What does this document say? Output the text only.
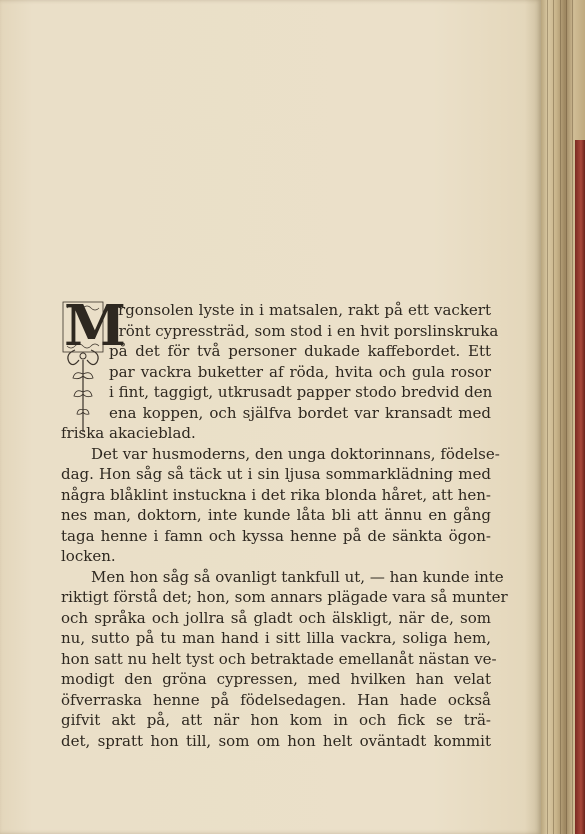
M
orgonsolen lyste in i matsalen, rakt på ett vackert
grönt cypressträd, som stod i en hvit porslinskruka
på det för två personer dukade kaffebordet. Ett
par vackra buketter af röda, hvita och gula rosor
i fint, taggigt, utkrusadt papper stodo bredvid den
ena koppen, och själfva bordet var kransadt med
friska akacieblad.
Det var husmoderns, den unga doktorinnans, födelse-
dag. Hon såg så täck ut i sin ljusa sommarklädning med
några blåklint instuckna i det rika blonda håret, att hen-
nes man, doktorn, inte kunde låta bli att ännu en gång
taga henne i famn och kyssa henne på de sänkta ögon-
locken.
Men hon såg så ovanligt tankfull ut, — han kunde inte
riktigt förstå det; hon, som annars plägade vara så munter
och språka och jollra så gladt och älskligt, när de, som
nu, sutto på tu man hand i sitt lilla vackra, soliga hem,
hon satt nu helt tyst och betraktade emellanåt nästan ve-
modigt den gröna cypressen, med hvilken han velat
öfverraska henne på födelsedagen. Han hade också
gifvit akt på, att när hon kom in och fick se trä-
det, spratt hon till, som om hon helt oväntadt kommit
